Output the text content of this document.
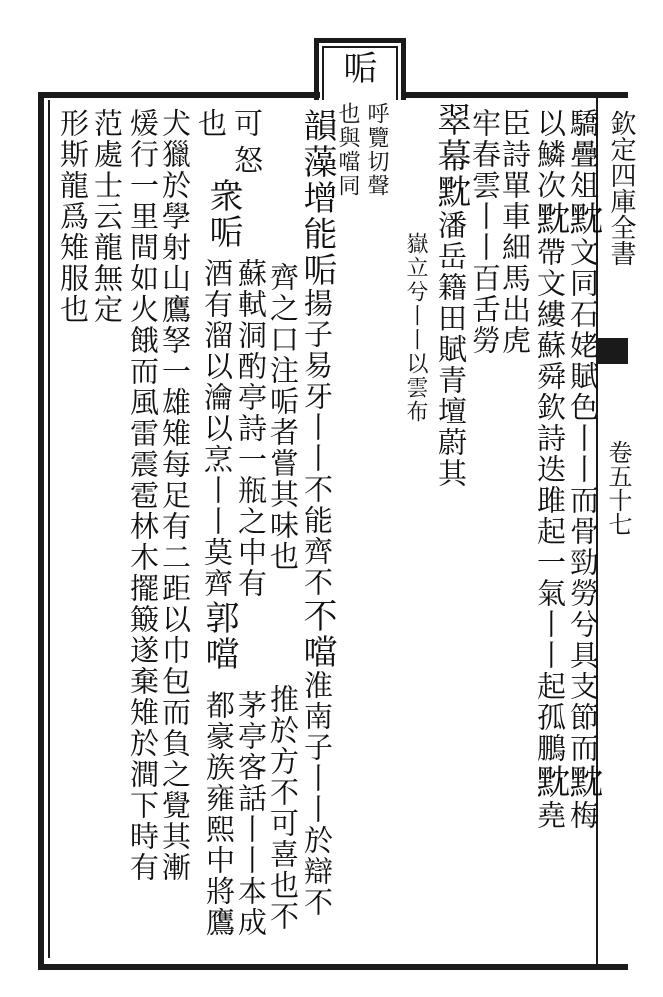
欽定四庫全書
卷五十七
㖃
呼覽切聲
也與噹同	驕疊俎黕文同石姥賦色丨丨而骨勁勞兮具支節而黕梅
以鱗次黕帶文縷蘇舜欽詩迭雎起一氣丨丨起孤鵬黕堯
臣詩單車細馬出虎
牢春雲丨丨百舌勞
翠幕黕潘岳籍田賦青壇蔚其
嶽立兮丨丨以雲布
韻藻增能㖃揚子易牙丨丨不能齊不不噹淮南子丨丨於辯不
齊之口注㖃者嘗其味也
推於方不可喜也不
可
怒
衆㖃
蘇軾洞酌亭詩一瓶之中有
酒有溜以瀹以烹丨丨莫齊
郭噹
茅亭客話丨丨本成
都豪族雍熙中將鷹
也
犬獵於學射山鷹孥一雄雉每足有二距以巾包而負之覺其漸
煖行一里間如火餓而風雷震雹林木擺簸遂棄雉於澗下時有
范處士云龍無定
形斯龍爲雉服也
